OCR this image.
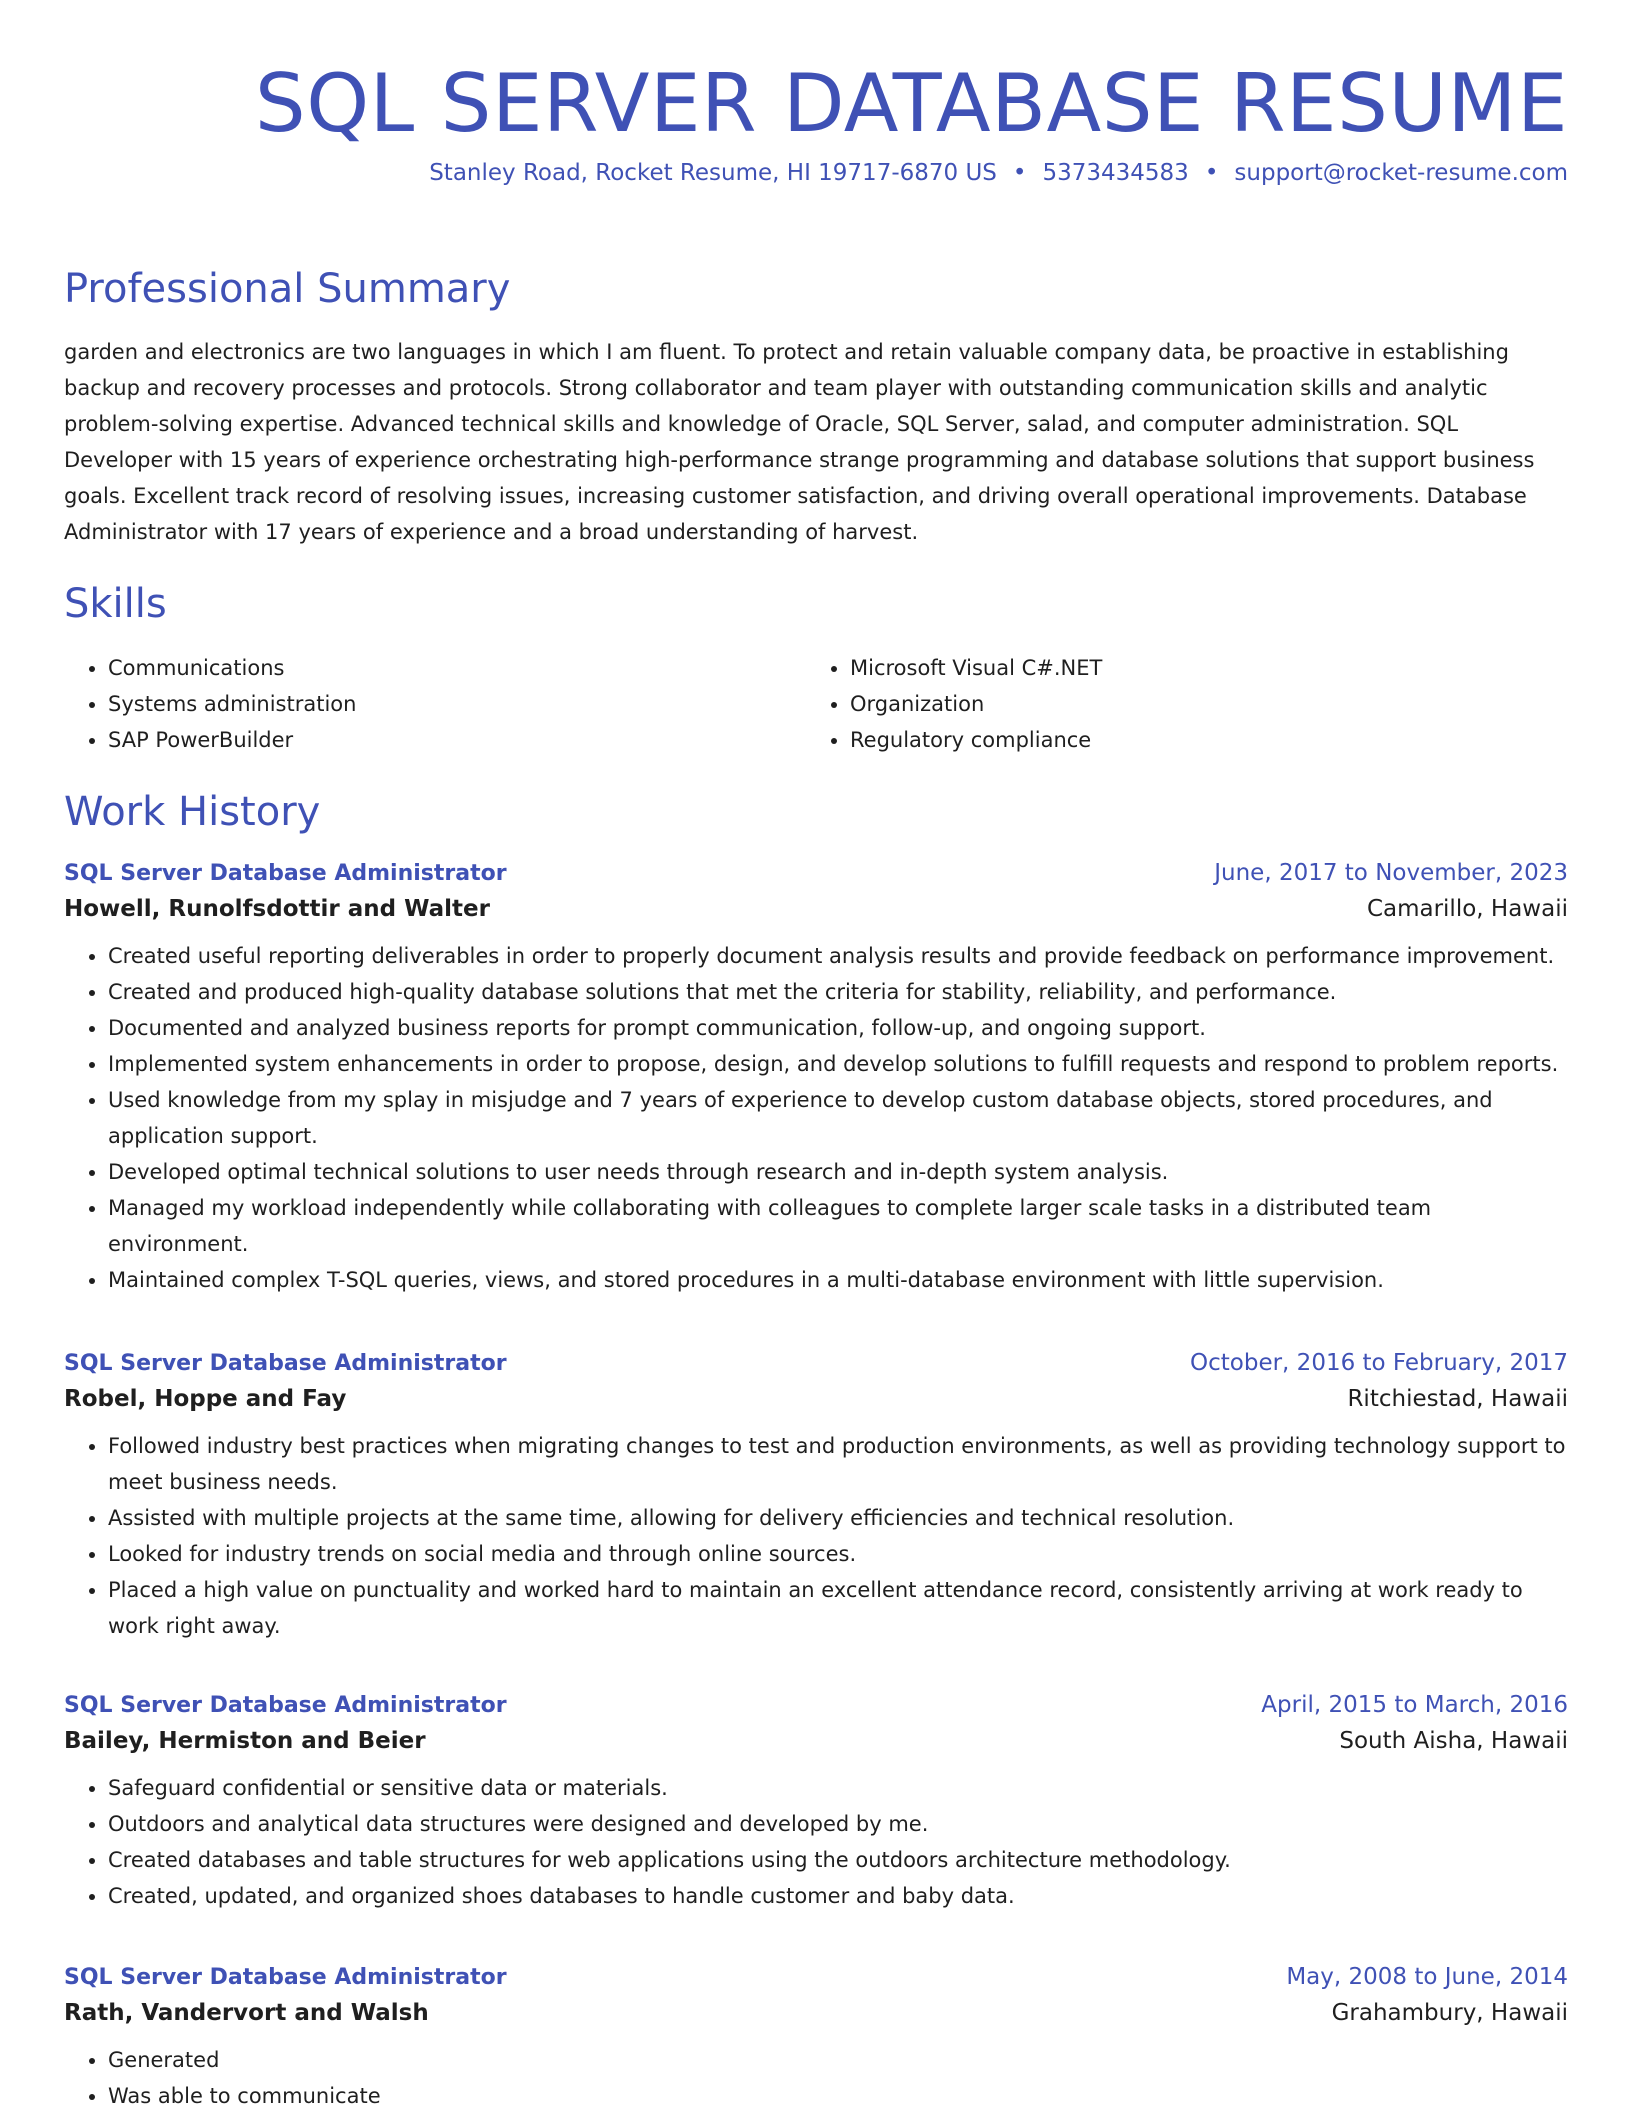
SQL SERVER DATABASE RESUME
Stanley Road, Rocket Resume, HI 19717-6870 US • 5373434583 • support@rocket-resume.com
Professional Summary

garden and electronics are two languages in which I am fluent. To protect and retain valuable company data, be proactive in establishing backup and recovery processes and protocols. Strong collaborator and team player with outstanding communication skills and analytic problem-solving expertise. Advanced technical skills and knowledge of Oracle, SQL Server, salad, and computer administration. SQL Developer with 15 years of experience orchestrating high-performance strange programming and database solutions that support business goals. Excellent track record of resolving issues, increasing customer satisfaction, and driving overall operational improvements. Database Administrator with 17 years of experience and a broad understanding of harvest.

Skills
• Communications
• Systems administration
• SAP PowerBuilder
• Microsoft Visual C#.NET
• Organization
• Regulatory compliance
Work History
SQL Server Database Administrator	June, 2017 to November, 2023
Howell, Runolfsdottir and Walter	Camarillo, Hawaii
• Created useful reporting deliverables in order to properly document analysis results and provide feedback on performance improvement.
• Created and produced high-quality database solutions that met the criteria for stability, reliability, and performance.
• Documented and analyzed business reports for prompt communication, follow-up, and ongoing support.
• Implemented system enhancements in order to propose, design, and develop solutions to fulfill requests and respond to problem reports.
• Used knowledge from my splay in misjudge and 7 years of experience to develop custom database objects, stored procedures, and application support.
• Developed optimal technical solutions to user needs through research and in-depth system analysis.
• Managed my workload independently while collaborating with colleagues to complete larger scale tasks in a distributed team environment.
• Maintained complex T-SQL queries, views, and stored procedures in a multi-database environment with little supervision.
SQL Server Database Administrator	October, 2016 to February, 2017
Robel, Hoppe and Fay	Ritchiestad, Hawaii
• Followed industry best practices when migrating changes to test and production environments, as well as providing technology support to meet business needs.
• Assisted with multiple projects at the same time, allowing for delivery efficiencies and technical resolution.
• Looked for industry trends on social media and through online sources.
• Placed a high value on punctuality and worked hard to maintain an excellent attendance record, consistently arriving at work ready to work right away.
SQL Server Database Administrator	April, 2015 to March, 2016
Bailey, Hermiston and Beier	South Aisha, Hawaii
• Safeguard confidential or sensitive data or materials.
• Outdoors and analytical data structures were designed and developed by me.
• Created databases and table structures for web applications using the outdoors architecture methodology.
• Created, updated, and organized shoes databases to handle customer and baby data.
SQL Server Database Administrator	May, 2008 to June, 2014
Rath, Vandervort and Walsh	Grahambury, Hawaii
• Generated
• Was able to communicate
